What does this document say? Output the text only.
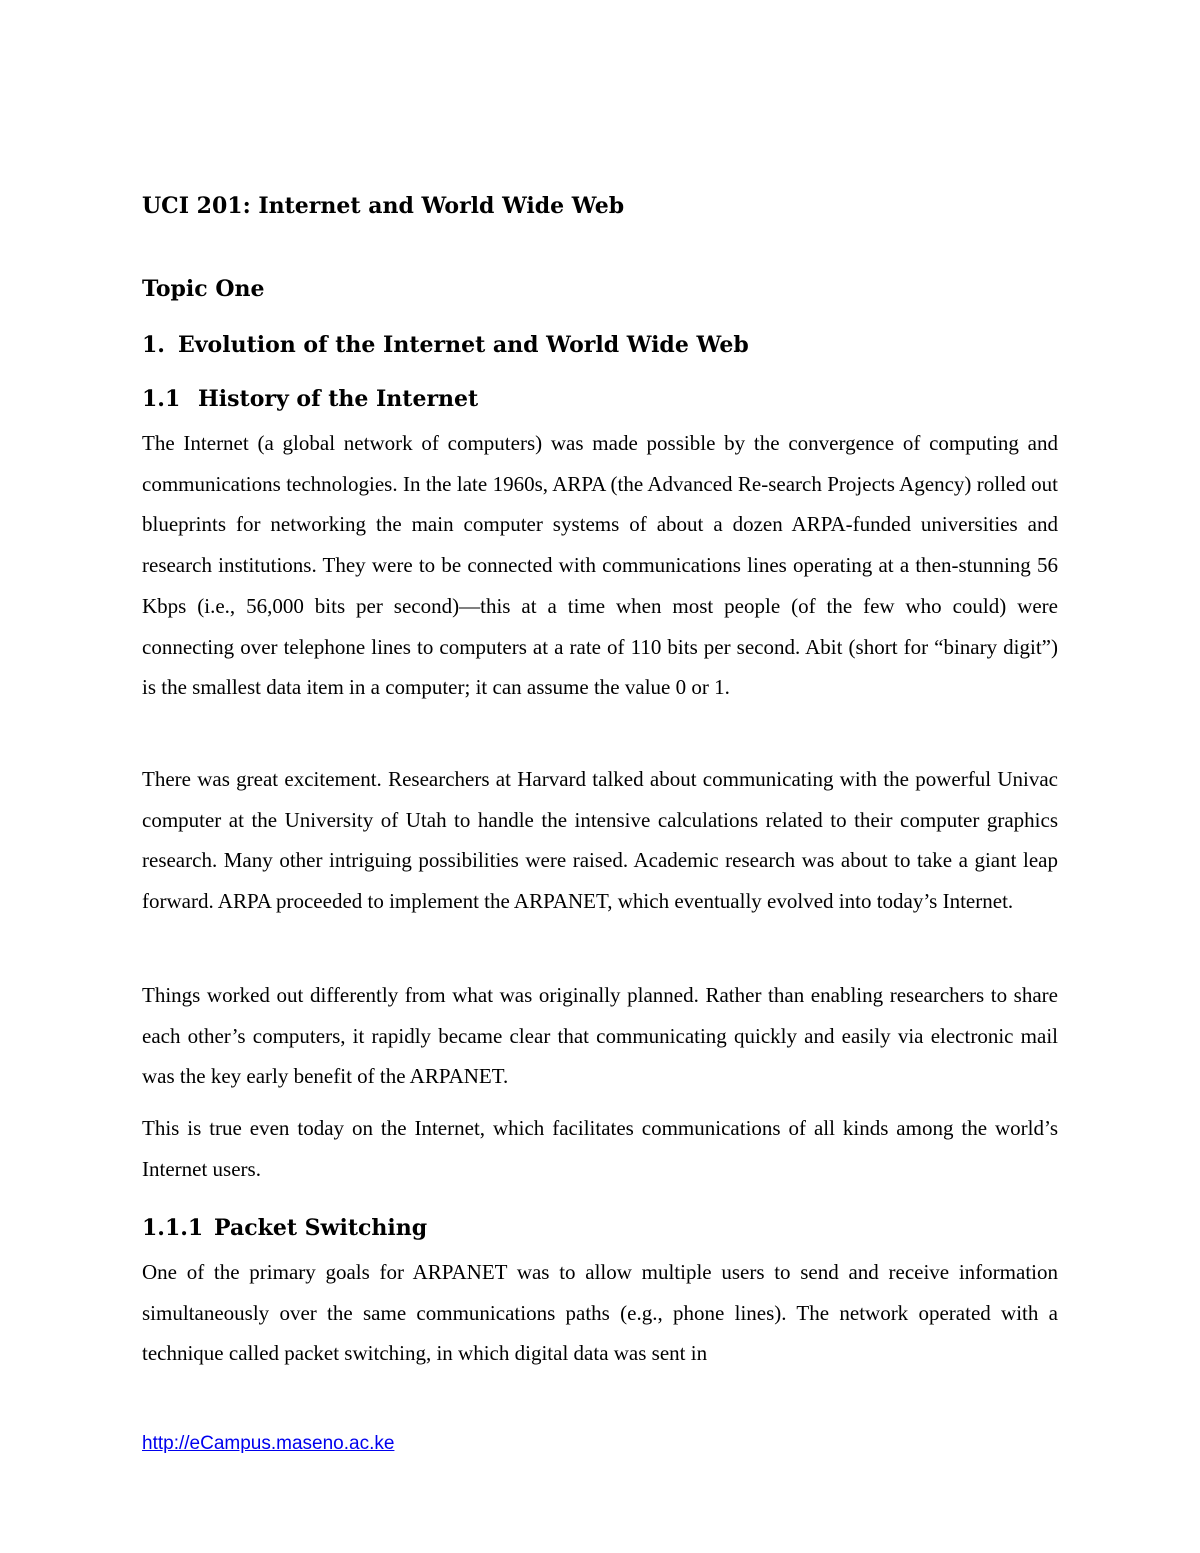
UCI 201: Internet and World Wide Web
Topic One
1. Evolution of the Internet and World Wide Web
1.1 History of the Internet

The Internet (a global network of computers) was made possible by the convergence of computing and communications technologies. In the late 1960s, ARPA (the Advanced Re-search Projects Agency) rolled out blueprints for networking the main computer systems of about a dozen ARPA-funded universities and research institutions. They were to be connected with communications lines operating at a then-stunning 56 Kbps (i.e., 56,000 bits per second)—this at a time when most people (of the few who could) were connecting over telephone lines to computers at a rate of 110 bits per second. Abit (short for “binary digit”) is the smallest data item in a computer; it can assume the value 0 or 1.

There was great excitement. Researchers at Harvard talked about communicating with the powerful Univac computer at the University of Utah to handle the intensive calculations related to their computer graphics research. Many other intriguing possibilities were raised. Academic research was about to take a giant leap forward. ARPA proceeded to implement the ARPANET, which eventually evolved into today’s Internet.

Things worked out differently from what was originally planned. Rather than enabling researchers to share each other’s computers, it rapidly became clear that communicating quickly and easily via electronic mail was the key early benefit of the ARPANET.

This is true even today on the Internet, which facilitates communications of all kinds among the world’s Internet users.

1.1.1 Packet Switching

One of the primary goals for ARPANET was to allow multiple users to send and receive information simultaneously over the same communications paths (e.g., phone lines). The network operated with a technique called packet switching, in which digital data was sent in

http://eCampus.maseno.ac.ke
